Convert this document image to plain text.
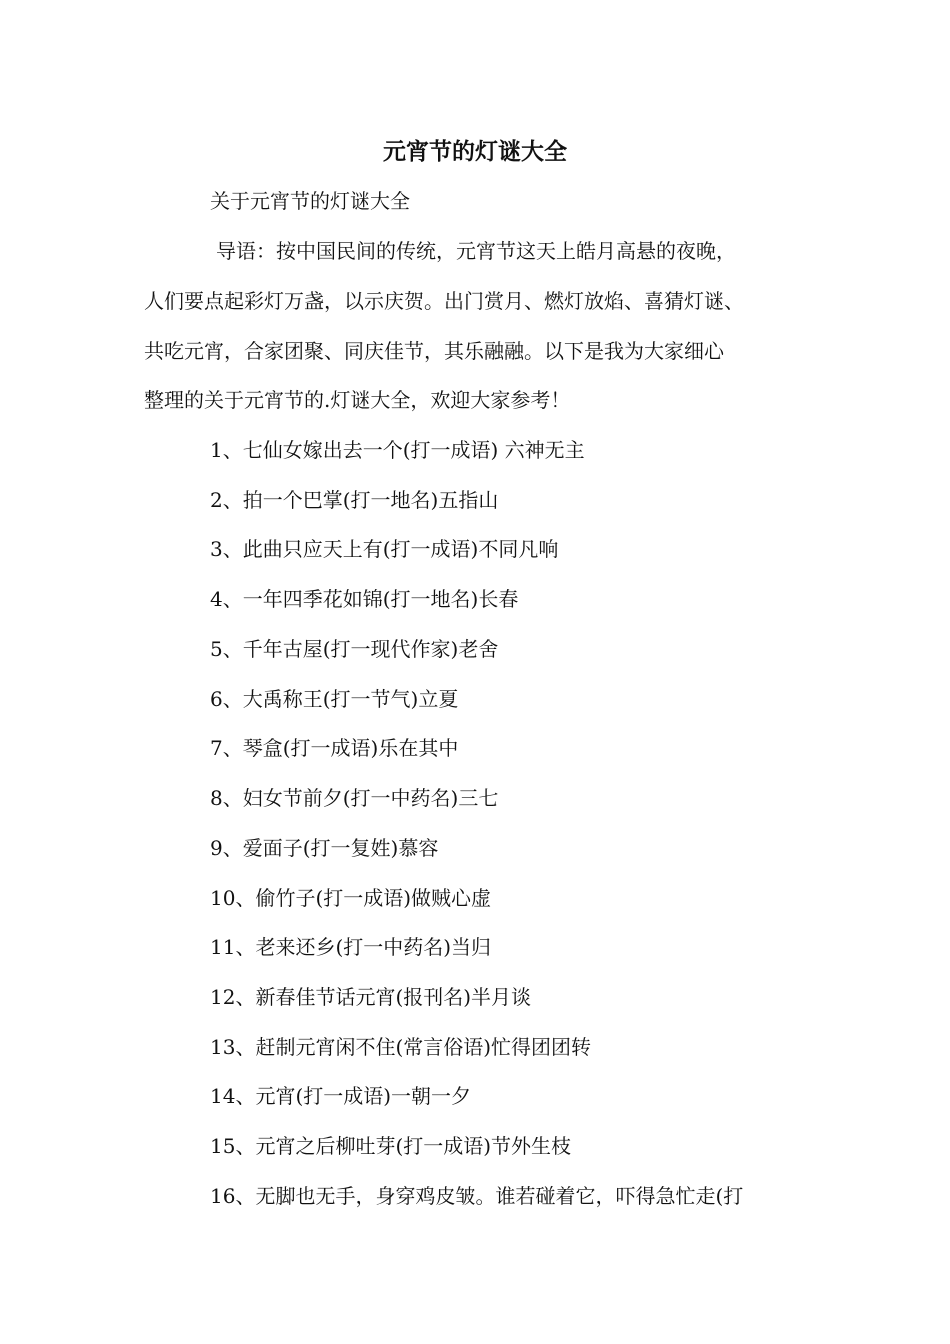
元宵节的灯谜大全
关于元宵节的灯谜大全
导语：按中国民间的传统，元宵节这天上皓月高悬的夜晚，
人们要点起彩灯万盏，以示庆贺。出门赏月、燃灯放焰、喜猜灯谜、
共吃元宵，合家团聚、同庆佳节，其乐融融。以下是我为大家细心
整理的关于元宵节的.灯谜大全，欢迎大家参考！
1、七仙女嫁出去一个(打一成语) 六神无主
2、拍一个巴掌(打一地名)五指山
3、此曲只应天上有(打一成语)不同凡响
4、一年四季花如锦(打一地名)长春
5、千年古屋(打一现代作家)老舍
6、大禹称王(打一节气)立夏
7、琴盒(打一成语)乐在其中
8、妇女节前夕(打一中药名)三七
9、爱面子(打一复姓)慕容
10、偷竹子(打一成语)做贼心虚
11、老来还乡(打一中药名)当归
12、新春佳节话元宵(报刊名)半月谈
13、赶制元宵闲不住(常言俗语)忙得团团转
14、元宵(打一成语)一朝一夕
15、元宵之后柳吐芽(打一成语)节外生枝
16、无脚也无手，身穿鸡皮皱。谁若碰着它，吓得急忙走(打
